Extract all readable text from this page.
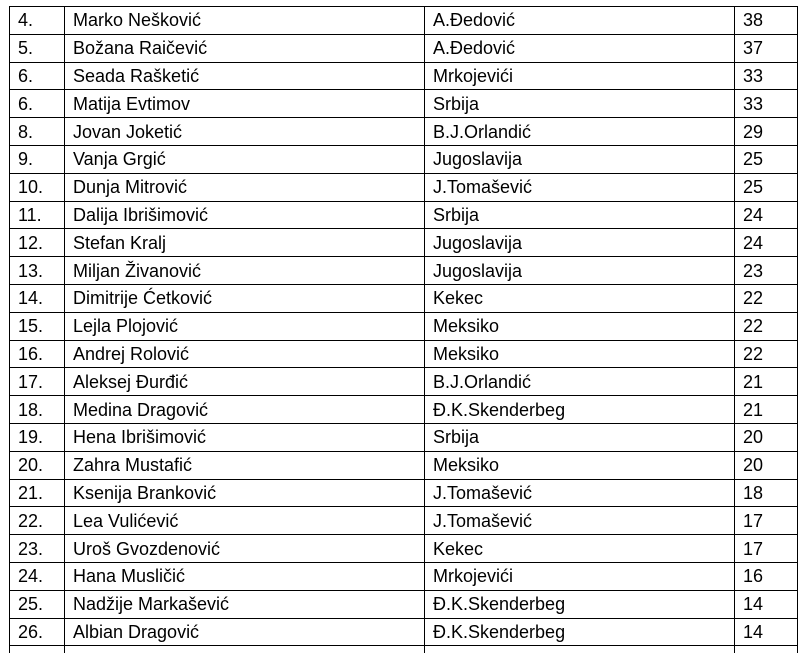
4.	Marko Nešković	A.Đedović	38
5.	Božana Raičević	A.Đedović	37
6.	Seada Rašketić	Mrkojevići	33
6.	Matija Evtimov	Srbija	33
8.	Jovan Joketić	B.J.Orlandić	29
9.	Vanja Grgić	Jugoslavija	25
10.	Dunja Mitrović	J.Tomašević	25
11.	Dalija Ibrišimović	Srbija	24
12.	Stefan Kralj	Jugoslavija	24
13.	Miljan Živanović	Jugoslavija	23
14.	Dimitrije Ćetković	Kekec	22
15.	Lejla Plojović	Meksiko	22
16.	Andrej Rolović	Meksiko	22
17.	Aleksej Đurđić	B.J.Orlandić	21
18.	Medina Dragović	Đ.K.Skenderbeg	21
19.	Hena Ibrišimović	Srbija	20
20.	Zahra Mustafić	Meksiko	20
21.	Ksenija Branković	J.Tomašević	18
22.	Lea Vulićević	J.Tomašević	17
23.	Uroš Gvozdenović	Kekec	17
24.	Hana Musličić	Mrkojevići	16
25.	Nadžije Markašević	Đ.K.Skenderbeg	14
26.	Albian Dragović	Đ.K.Skenderbeg	14
